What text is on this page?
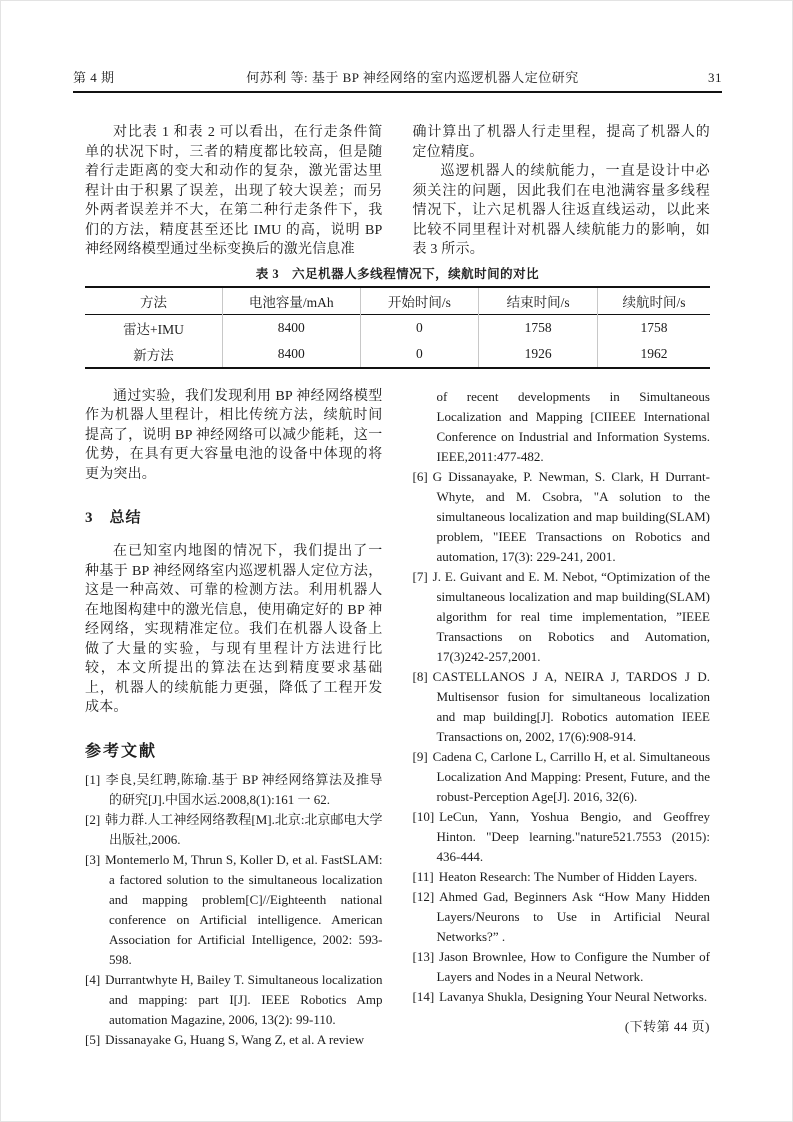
第 4 期	何苏利 等: 基于 BP 神经网络的室内巡逻机器人定位研究	31

对比表 1 和表 2 可以看出，在行走条件简单的状况下时，三者的精度都比较高，但是随着行走距离的变大和动作的复杂，激光雷达里程计由于积累了误差，出现了较大误差；而另外两者误差并不大，在第二种行走条件下，我们的方法，精度甚至还比 IMU 的高，说明 BP 神经网络模型通过坐标变换后的激光信息准

确计算出了机器人行走里程，提高了机器人的定位精度。

巡逻机器人的续航能力，一直是设计中必须关注的问题，因此我们在电池满容量多线程情况下，让六足机器人往返直线运动，以此来比较不同里程计对机器人续航能力的影响，如表 3 所示。

表 3　六足机器人多线程情况下，续航时间的对比
方法	电池容量/mAh	开始时间/s	结束时间/s	续航时间/s
雷达+IMU	8400	0	1758	1758
新方法	8400	0	1926	1962

通过实验，我们发现利用 BP 神经网络模型作为机器人里程计，相比传统方法，续航时间提高了，说明 BP 神经网络可以减少能耗，这一优势，在具有更大容量电池的设备中体现的将更为突出。

3　总结

在已知室内地图的情况下，我们提出了一种基于 BP 神经网络室内巡逻机器人定位方法，这是一种高效、可靠的检测方法。利用机器人在地图构建中的激光信息，使用确定好的 BP 神经网络，实现精准定位。我们在机器人设备上做了大量的实验，与现有里程计方法进行比较，本文所提出的算法在达到精度要求基础上，机器人的续航能力更强，降低了工程开发成本。

参考文献

[1] 李良,吴红聘,陈瑜.基于 BP 神经网络算法及推导的研究[J].中国水运.2008,8(1):161 一 62.

[2] 韩力群.人工神经网络教程[M].北京:北京邮电大学出版社,2006.

[3] Montemerlo M, Thrun S, Koller D, et al. FastSLAM: a factored solution to the simultaneous localization and mapping problem[C]//Eighteenth national conference on Artificial intelligence. American Association for Artificial Intelligence, 2002: 593-598.

[4] Durrantwhyte H, Bailey T. Simultaneous localization and mapping: part I[J]. IEEE Robotics Amp automation Magazine, 2006, 13(2): 99-110.

[5] Dissanayake G, Huang S, Wang Z, et al. A review

of recent developments in Simultaneous Localization and Mapping [CIIEEE International Conference on Industrial and Information Systems. IEEE,2011:477-482.

[6] G Dissanayake, P. Newman, S. Clark, H Durrant-Whyte, and M. Csobra, "A solution to the simultaneous localization and map building(SLAM) problem, "IEEE Transactions on Robotics and automation, 17(3): 229-241, 2001.

[7] J. E. Guivant and E. M. Nebot, “Optimization of the simultaneous localization and map building(SLAM) algorithm for real time implementation, ”IEEE Transactions on Robotics and Automation, 17(3)242-257,2001.

[8] CASTELLANOS J A, NEIRA J, TARDOS J D. Multisensor fusion for simultaneous localization and map building[J]. Robotics automation IEEE Transactions on, 2002, 17(6):908-914.

[9] Cadena C, Carlone L, Carrillo H, et al. Simultaneous Localization And Mapping: Present, Future, and the robust-Perception Age[J]. 2016, 32(6).

[10] LeCun, Yann, Yoshua Bengio, and Geoffrey Hinton. "Deep learning."nature521.7553 (2015): 436-444.

[11] Heaton Research: The Number of Hidden Layers.

[12] Ahmed Gad, Beginners Ask “How Many Hidden Layers/Neurons to Use in Artificial Neural Networks?” .

[13] Jason Brownlee, How to Configure the Number of Layers and Nodes in a Neural Network.

[14] Lavanya Shukla, Designing Your Neural Networks.

(下转第 44 页)
